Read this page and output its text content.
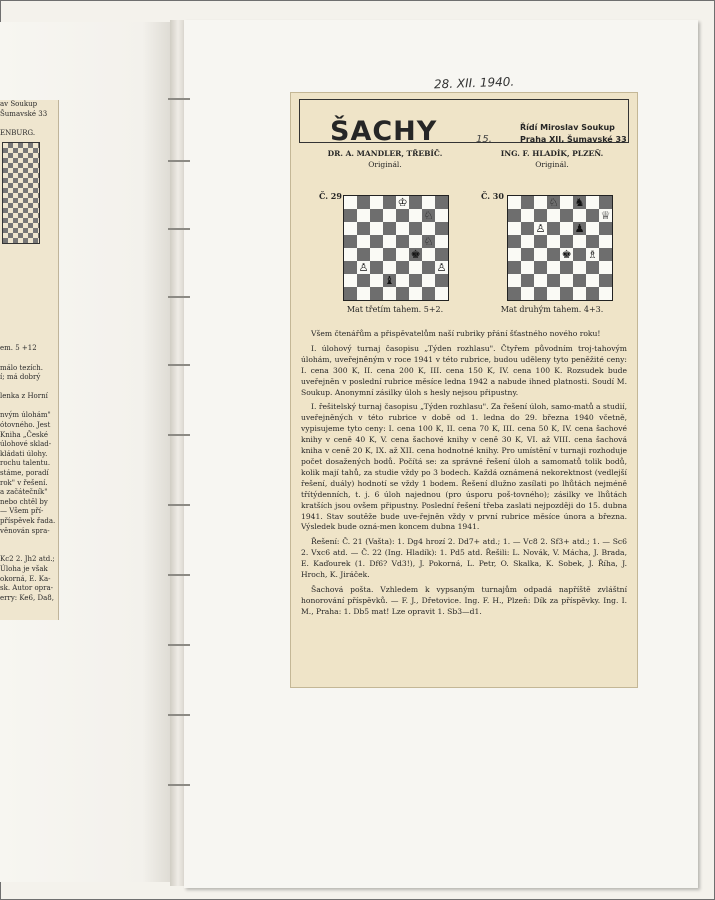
28. XII. 1940.
av Soukup
Šumavské 33

ENBURG.

em. 5 +12

málo tezích.
í; má dobrý

lenka z Horní

nvým úlohám"
ótovného. Jest
Kniha „České
úlohové sklad-
kládati úlohy.
rochu talentu.
stáme, poradí
rok" v řešení.
a začátečník"
nebo chtěl by
— Všem pří-
příspěvek řada.
věnován spra-

Kc2 2. Jh2 atd.;
Úloha je však
okorná, E. Ka-
sk. Autor opra-
erry: Ke6, Da8,
ŠACHY	15.
Řídí Miroslav Soukup
Praha XII, Šumavské 33
DR. A. MANDLER, TŘEBÍČ.
Originál.
Č. 29	♔
♘
♘
♙
♝
♙
♚
Mat třetím tahem. 5+2.
ING. F. HLADÍK, PLZEŇ.
Originál.
Č. 30	♘ ♞
♕
♙	♟
♗
♚
Mat druhým tahem. 4+3.

Všem čtenářům a přispěvatelům naší rubriky přání šťastného nového roku!

I. úlohový turnaj časopisu „Týden rozhlasu". Čtyřem původním troj-tahovým úlohám, uveřejněným v roce 1941 v této rubrice, budou uděleny tyto peněžité ceny: I. cena 300 K, II. cena 200 K, III. cena 150 K, IV. cena 100 K. Rozsudek bude uveřejněn v poslední rubrice měsíce ledna 1942 a nabude ihned platnosti. Soudí M. Soukup. Anonymní zásilky úloh s hesly nejsou připustny.

I. řešitelský turnaj časopisu „Týden rozhlasu". Za řešení úloh, samo-matů a studií, uveřejněných v této rubrice v době od 1. ledna do 29. března 1940 včetně, vypisujeme tyto ceny: I. cena 100 K, II. cena 70 K, III. cena 50 K, IV. cena šachové knihy v ceně 40 K, V. cena šachové knihy v ceně 30 K, VI. až VIII. cena šachová kniha v ceně 20 K, IX. až XII. cena hodnotné knihy. Pro umístění v turnaji rozhoduje počet dosažených bodů. Počítá se: za správné řešení úloh a samomatů tolik bodů, kolik mají tahů, za studie vždy po 3 bodech. Každá oznámená nekorektnost (vedlejší řešení, duály) hodnotí se vždy 1 bodem. Řešení dlužno zasílati po lhůtách nejméně třítýdenních, t. j. 6 úloh najednou (pro úsporu poš-tovného); zásilky ve lhůtách kratších jsou ovšem připustny. Poslední řešení třeba zaslati nejpozději do 15. dubna 1941. Stav soutěže bude uve-řejněn vždy v první rubrice měsíce února a března. Výsledek bude ozná-men koncem dubna 1941.

Řešení: Č. 21 (Vašta): 1. Dg4 hrozí 2. Dd7+ atd.; 1. — Vc8 2. Sf3+ atd.; 1. — Sc6 2. Vxc6 atd. — Č. 22 (Ing. Hladík): 1. Pd5 atd. Řešili: L. Novák, V. Mácha, J. Brada, E. Kaďourek (1. Df6? Vd3!), J. Pokorná, L. Petr, O. Skalka, K. Sobek, J. Říha, J. Hroch, K. Jiráček.

Šachová pošta. Vzhledem k vypsaným turnajům odpadá napříště zvláštní honorování příspěvků. — F. J., Dřetovice. Ing. F. H., Plzeň: Dík za příspěvky. Ing. I. M., Praha: 1. Db5 mat! Lze opravit 1. Sb3—d1.
